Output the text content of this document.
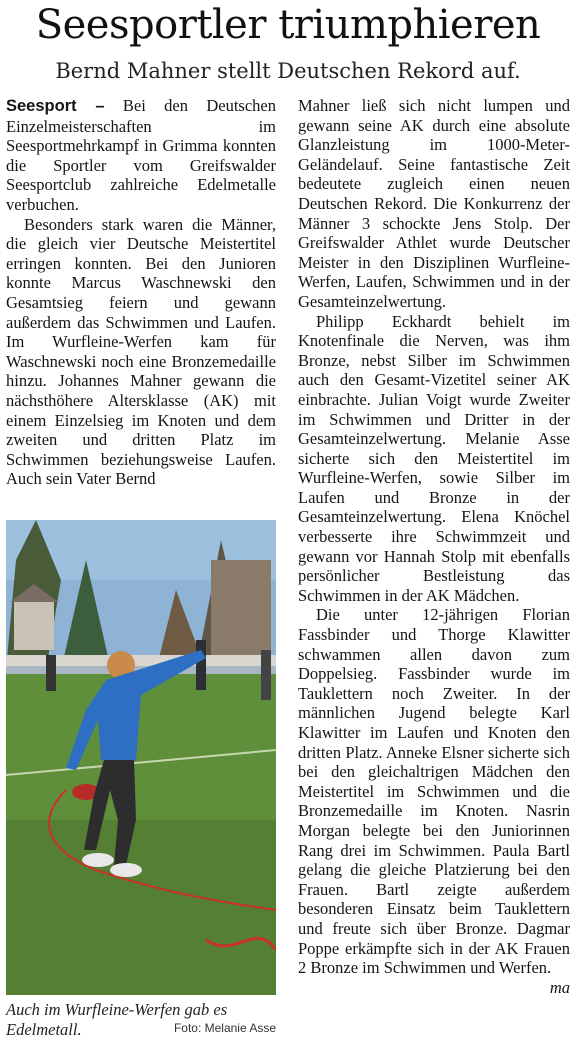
Seesportler triumphieren
Bernd Mahner stellt Deutschen Rekord auf.

Seesport – Bei den Deutschen Einzelmeisterschaften im Seesportmehrkampf in Grimma konnten die Sportler vom Greifswalder Seesportclub zahlreiche Edelmetalle verbuchen.

Besonders stark waren die Männer, die gleich vier Deutsche Meistertitel erringen konnten. Bei den Junioren konnte Marcus Waschnewski den Gesamtsieg feiern und gewann außerdem das Schwimmen und Laufen. Im Wurfleine-Werfen kam für Waschnewski noch eine Bronzemedaille hinzu. Johannes Mahner gewann die nächsthöhere Altersklasse (AK) mit einem Einzelsieg im Knoten und dem zweiten und dritten Platz im Schwimmen beziehungsweise Laufen. Auch sein Vater Bernd

Auch im Wurfleine-Werfen gab es Edelmetall.	Foto: Melanie Asse

Mahner ließ sich nicht lumpen und gewann seine AK durch eine absolute Glanzleistung im 1000-Meter-Geländelauf. Seine fantastische Zeit bedeutete zugleich einen neuen Deutschen Rekord. Die Konkurrenz der Männer 3 schockte Jens Stolp. Der Greifswalder Athlet wurde Deutscher Meister in den Disziplinen Wurfleine-Werfen, Laufen, Schwimmen und in der Gesamteinzelwertung.

Philipp Eckhardt behielt im Knotenfinale die Nerven, was ihm Bronze, nebst Silber im Schwimmen auch den Gesamt-Vizetitel seiner AK einbrachte. Julian Voigt wurde Zweiter im Schwimmen und Dritter in der Gesamteinzelwertung. Melanie Asse sicherte sich den Meistertitel im Wurfleine-Werfen, sowie Silber im Laufen und Bronze in der Gesamteinzelwertung. Elena Knöchel verbesserte ihre Schwimmzeit und gewann vor Hannah Stolp mit ebenfalls persönlicher Bestleistung das Schwimmen in der AK Mädchen.

Die unter 12-jährigen Florian Fassbinder und Thorge Klawitter schwammen allen davon zum Doppelsieg. Fassbinder wurde im Tauklettern noch Zweiter. In der männlichen Jugend belegte Karl Klawitter im Laufen und Knoten den dritten Platz. Anneke Elsner sicherte sich bei den gleichaltrigen Mädchen den Meistertitel im Schwimmen und die Bronzemedaille im Knoten. Nasrin Morgan belegte bei den Juniorinnen Rang drei im Schwimmen. Paula Bartl gelang die gleiche Platzierung bei den Frauen. Bartl zeigte außerdem besonderen Einsatz beim Tauklettern und freute sich über Bronze. Dagmar Poppe erkämpfte sich in der AK Frauen 2 Bronze im Schwimmen und Werfen.

ma
